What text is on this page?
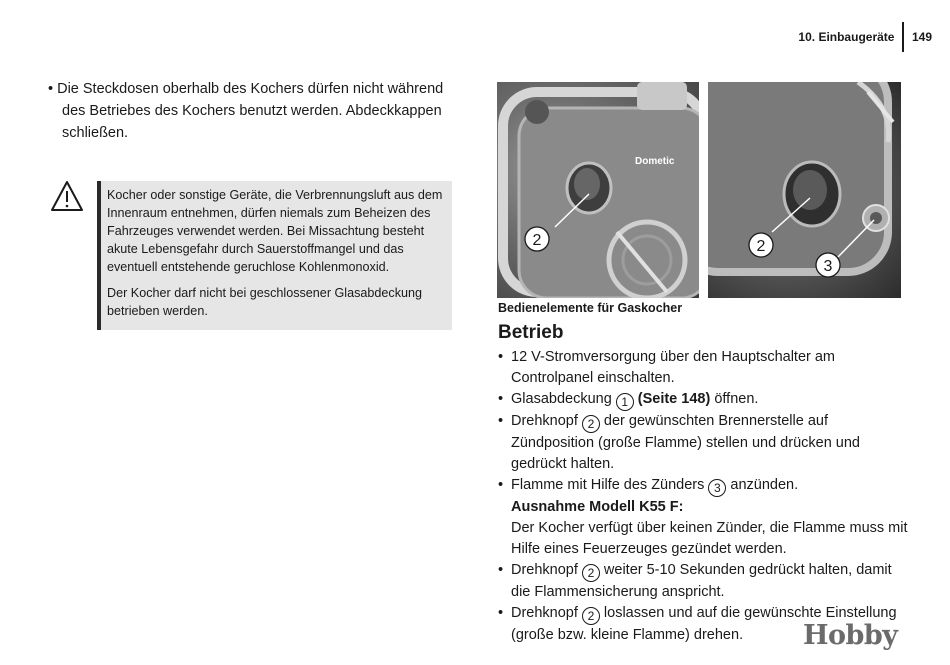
10. Einbaugeräte	149

• Die Steckdosen oberhalb des Kochers dürfen nicht während des Betriebes des Kochers benutzt werden. Abdeckkappen schließen.

Kocher oder sonstige Geräte, die Verbrennungsluft aus dem Innenraum entnehmen, dürfen niemals zum Beheizen des Fahrzeuges verwendet werden. Bei Missachtung besteht akute Lebensgefahr durch Sauerstoffmangel und das eventuell entstehende geruchlose Kohlenmonoxid.

Der Kocher darf nicht bei geschlossener Glasabdeckung betrieben werden.

2
Dometic
2
3
Bedienelemente für Gaskocher
Betrieb
• 12 V-Stromversorgung über den Hauptschalter am Controlpanel einschalten.
• Glasabdeckung 1 (Seite 148) öffnen.
• Drehknopf 2 der gewünschten Brennerstelle auf Zündposition (große Flamme) stellen und drücken und gedrückt halten.
• Flamme mit Hilfe des Zünders 3 anzünden.
Ausnahme Modell K55 F:
Der Kocher verfügt über keinen Zünder, die Flamme muss mit Hilfe eines Feuerzeuges gezündet werden.
• Drehknopf 2 weiter 5-10 Sekunden gedrückt halten, damit die Flammensicherung anspricht.
• Drehknopf 2 loslassen und auf die gewünschte Einstellung (große bzw. kleine Flamme) drehen.	Hobby
